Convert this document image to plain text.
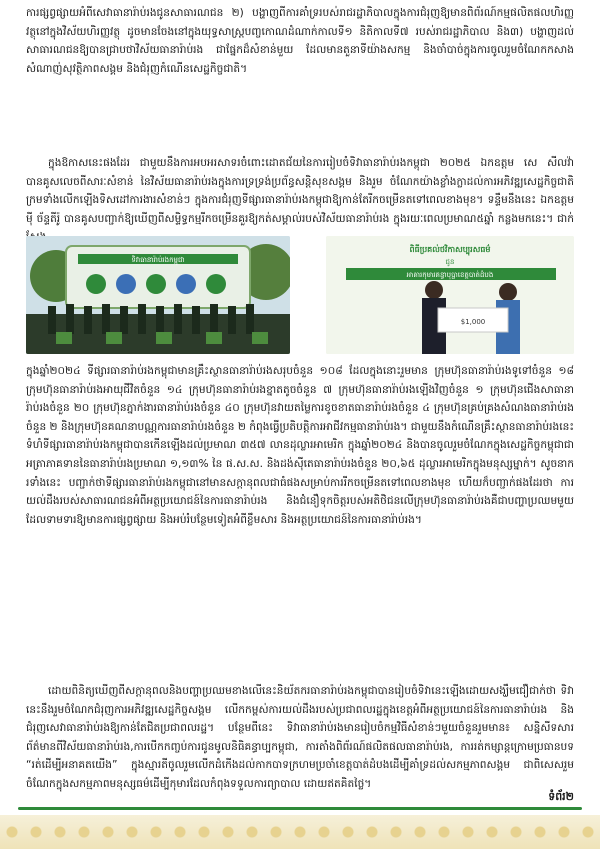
ការផ្សព្វផ្សាយអំពីសេវាធានារ៉ាប់រងជូនសាធារណជន ២) បង្ហាញពីការគាំទ្ររបស់រាជរដ្ឋាភិបាលក្នុងការជំរុញឱ្យមានពិព័រណ៍កម្មផលិតផលហិរញ្ញវត្ថុនៅក្នុងវិស័យហិរញ្ញវត្ថុ ដូចមានចែងនៅក្នុងយុទ្ធសាស្ត្របញ្ចកោណដំណាក់កាលទី១ និតិកាលទី៧ របស់រាជរដ្ឋាភិបាល និង៣) បង្ហាញដល់សាធារណជនឱ្យបានជ្រាបថាវិស័យធានារ៉ាប់រង ជាផ្នែកដ៏សំខាន់មួយ ដែលមានតួនាទីយ៉ាងសកម្ម និងចាំបាច់ក្នុងការចូលរួមចំណែកកសាងសំណាញ់សុវត្ថិភាពសង្គម និងជំរុញកំណើនសេដ្ឋកិច្ចជាតិ។

ក្នុងឱកាសនេះផងដែរ ជាមួយនឹងការអបអរសាទរចំពោះដោតជ័យនៃការរៀបចំទិវាធានារ៉ាប់រងកម្ពុជា ២០២៥ ឯកឧត្តម សេ សីលវ៉ា បានគូសលេចពីសារៈសំខាន់ នៃវិស័យធានារ៉ាប់រងក្នុងការទ្រទ្រង់ប្រព័ន្ធសន្តិសុខសង្គម និងរួម ចំណែកយ៉ាងខ្លាំងក្លាដល់ការអភិវឌ្ឍសេដ្ឋកិច្ចជាតិ ក្រមទាំងលើកឡើងទិសដៅការងារសំខាន់ៗ ក្នុងការជំរុញទីផ្សារធានារ៉ាប់រងកម្ពុជាឱ្យកាន់តែរីកចម្រើនតទៅពេលខាងមុខ។ ទន្ទឹមនឹងនេះ ឯកឧត្តម ម៉ី ច័ន្ទតីរ៉ូ បានគូសបញ្ជាក់ឱ្យឃើញពីសម្ទិទ្ធកម្មរីកចម្រើនគួរឱ្យកត់សម្គាល់របស់វិស័យធានារ៉ាប់រង ក្នុងរយៈពេលប្រមាណ៥ឆ្នាំ កន្លងមកនេះ។ ជាក់

ទិវាធានារ៉ាប់រងកម្ពុជា
ពិធីប្រគល់ថវិកាសប្បុរសធម៌
ជូន
អាគារកុមារគន្ធាបុប្ផាខេត្តបាត់ដំបង
$1,000

ក្នុងឆ្នាំ២០២៤ ទីផ្សារធានារ៉ាប់រងកម្ពុជាមានគ្រឹះស្ថានធានារ៉ាប់រងសរុបចំនួន ១០៨ ដែលក្នុងនោះរួមមាន ក្រុមហ៊ុនធានារ៉ាប់រងទូទៅចំនួន ១៨ ក្រុមហ៊ុនធានារ៉ាប់រងអាយុជីវិតចំនួន ១៤ ក្រុមហ៊ុនធានារ៉ាប់រងខ្នាតតូចចំនួន ៧ ក្រុមហ៊ុនធានារ៉ាប់រងឡើងវិញចំនួន ១ ក្រុមហ៊ុនជើងសាធានារ៉ាប់រងចំនួន ២០ ក្រុមហ៊ុនភ្នាក់ងារធានារ៉ាប់រងចំនួន ៤០ ក្រុមហ៊ុនវាយតម្លៃការខូចខាតធានារ៉ាប់រងចំនួន ៤ ក្រុមហ៊ុនគ្រប់គ្រងសំណងធានារ៉ាប់រងចំនួន ២ និងក្រុមហ៊ុនគណនាបណ្ណការធានារ៉ាប់រងចំនួន ២ កំពុងធ្វើប្រតិបត្តិការអាជីវកម្មធានារ៉ាប់រង។ ជាមួយនឹងកំណើនគ្រឹះស្ថានធានារ៉ាប់រងនេះ ទំហំទីផ្សារធានារ៉ាប់រងកម្ពុជាបានកើនឡើងដល់ប្រមាណ ៣៥៧ លានដុល្លារអាមេរិក ក្នុងឆ្នាំ២០២៤ និងបានចូលរួមចំណែកក្នុងសេដ្ឋកិច្ចកម្ពុជាជាអត្រាភាគទាននៃធានារ៉ាប់រងប្រមាណ ១,១៣% នៃ ផ.ស.ស. និងដង់ស៊ីតេធានារ៉ាប់រងចំនួន ២០,៦៥ ដុល្លារអាមេរិកក្នុងមនុស្សម្នាក់។ សូចនាករទាំងនេះ បញ្ជាក់ថាទីផ្សារធានារ៉ាប់រងកម្ពុជានៅមានសក្តានុពលជាធំផងសម្រាប់ការរីកចម្រើនតទៅពេលខាងមុខ ហើយក៏បញ្ជាក់ផងដែរថា ការយល់ដឹងរបស់សាធារណជនអំពីអត្ថប្រយោជន៍នៃការធានារ៉ាប់រង និងជំនឿទុកចិត្តរបស់អតិថិជនលើក្រុមហ៊ុនធានារ៉ាប់រងគឺជាបញ្ហាប្រឈមមួយដែលទាមទារឱ្យមានការផ្សព្វផ្សាយ និងអប់រំបន្ថែមទៀតអំពីខ្លឹមសារ និងអត្ថប្រយោជន៍នៃការធានារ៉ាប់រង។

ដោយពិនិត្យឃើញពីសក្តានុពលនិងបញ្ហាប្រឈមខាងលើនេះនិយ័តករធានារ៉ាប់រងកម្ពុជាបានរៀបចំទិវានេះឡើងដោយសង្ឃឹមជឿជាក់ថា ទិវានេះនឹងរួមចំណែកជំរុញការអភិវឌ្ឍសេដ្ឋកិច្ចសង្គម លើកកម្ពស់ការយល់ដឹងរបស់ប្រជាពលរដ្ឋក្នុងខេត្តអំពីអត្ថប្រយោជន៍នៃការធានារ៉ាប់រង និងជំរុញសេវាធានារ៉ាប់រងឱ្យកាន់តែជិតប្រជាពលរដ្ឋ។ បន្ថែមពីនេះ ទិវាធានារ៉ាប់រងមានរៀបចំកម្មវិធីសំខាន់ៗមួយចំនួនរួមមាន៖ សន្និសីទសារព័ត៌មានពីវិស័យធានារ៉ាប់រង,ការបើកកញ្ចប់ការជូនមូលនិធិគន្ធាប្បកម្ពុជា, ការតាំងពិព័រណ៍ផលិតផលធានារ៉ាប់រង, ការរត់កម្សាន្តក្រោមប្រធានបទ “រត់ដើម្បីអនាគតយើង” ក្នុងស្មារតីចូលរួមលើកដំកើងដល់កាកបាទក្រហមប្រចាំខេត្តបាត់ដំបងដើម្បីគាំទ្រដល់សកម្មភាពសង្គម ជាពិសេសរួមចំណែកក្នុងសកម្មភាពមនុស្សធម៌ដើម្បីកុមារដែលកំពុងទទួលការព្យាបាល ដោយឥតគិតថ្លៃ។

ទំព័រ២
